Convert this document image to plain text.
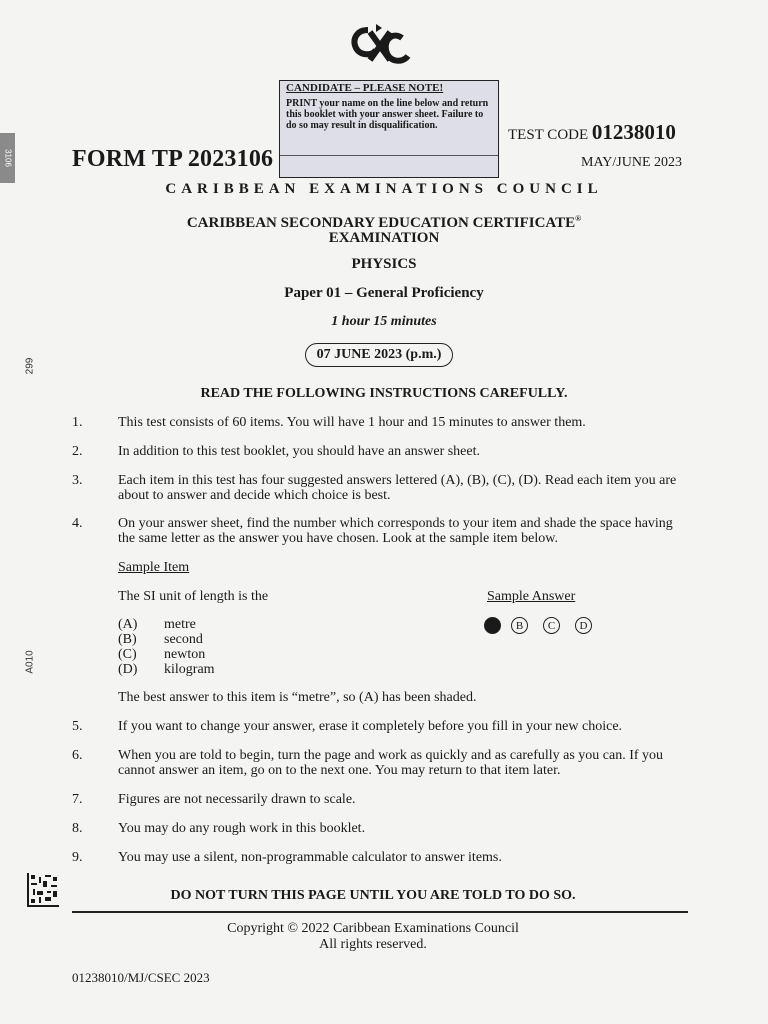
3106
299
A010
CANDIDATE – PLEASE NOTE!
PRINT your name on the line below and return this booklet with your answer sheet. Failure to do so may result in disqualification.
FORM TP 2023106
TEST CODE 01238010
MAY/JUNE 2023
CARIBBEAN EXAMINATIONS COUNCIL
CARIBBEAN SECONDARY EDUCATION CERTIFICATE®
EXAMINATION
PHYSICS
Paper 01 – General Proficiency
1 hour 15 minutes
07 JUNE 2023 (p.m.)
READ THE FOLLOWING INSTRUCTIONS CAREFULLY.
1.	This test consists of 60 items. You will have 1 hour and 15 minutes to answer them.
2.	In addition to this test booklet, you should have an answer sheet.
3.	Each item in this test has four suggested answers lettered (A), (B), (C), (D). Read each item you are about to answer and decide which choice is best.
4.	On your answer sheet, find the number which corresponds to your item and shade the space having the same letter as the answer you have chosen. Look at the sample item below.
Sample Item
The SI unit of length is the
(A) metre
(B) second
(C) newton
(D) kilogram
Sample Answer
B	C	D
The best answer to this item is “metre”, so (A) has been shaded.
5.	If you want to change your answer, erase it completely before you fill in your new choice.
6.	When you are told to begin, turn the page and work as quickly and as carefully as you can. If you cannot answer an item, go on to the next one. You may return to that item later.
7.	Figures are not necessarily drawn to scale.
8.	You may do any rough work in this booklet.
9.	You may use a silent, non-programmable calculator to answer items.
DO NOT TURN THIS PAGE UNTIL YOU ARE TOLD TO DO SO.
Copyright © 2022 Caribbean Examinations Council
All rights reserved.
01238010/MJ/CSEC 2023
